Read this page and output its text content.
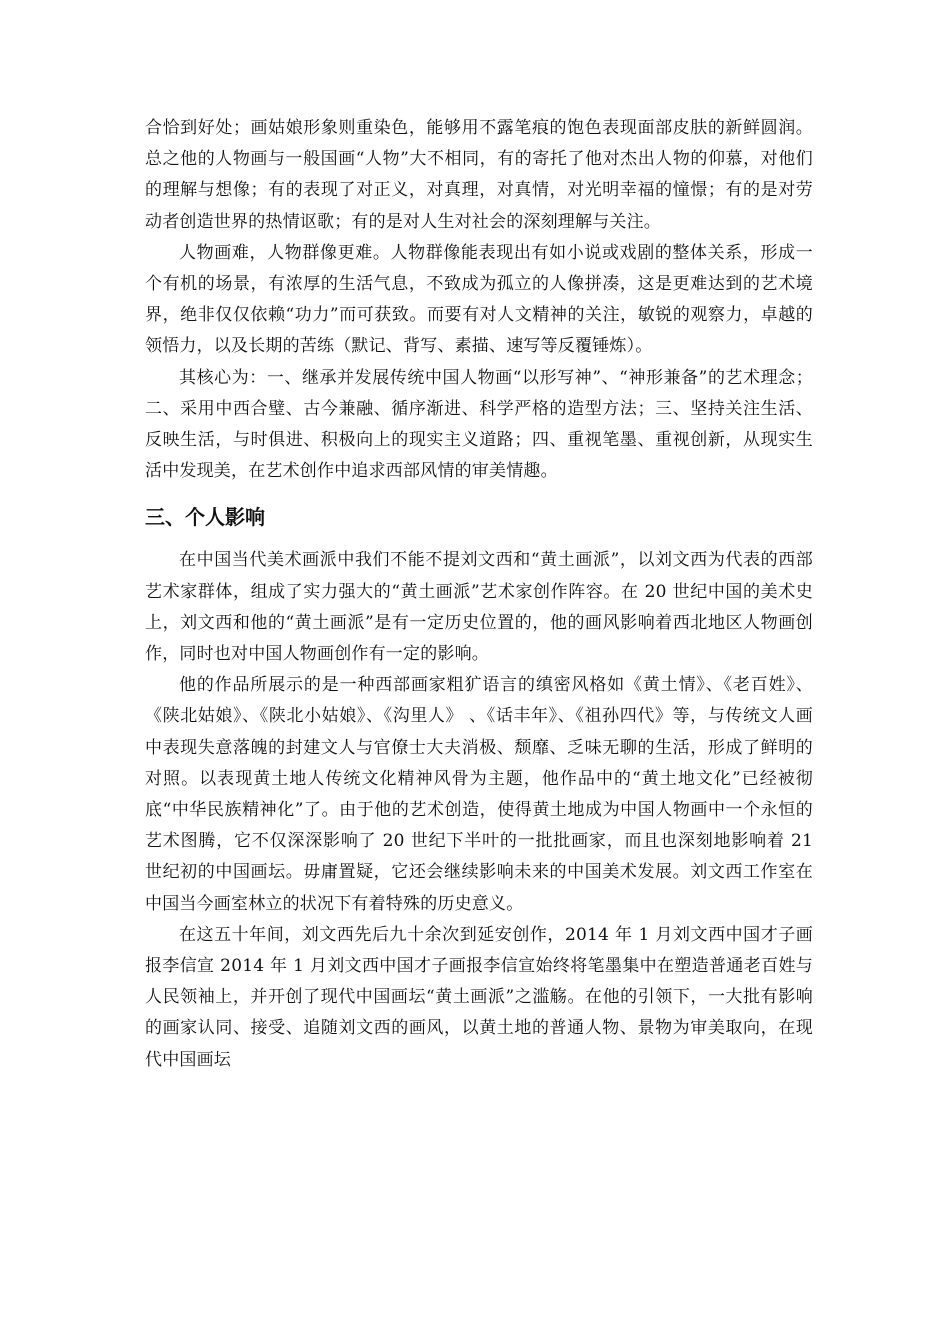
合恰到好处；画姑娘形象则重染色，能够用不露笔痕的饱色表现面部皮肤的新鲜圆润。总之他的人物画与一般国画“人物”大不相同，有的寄托了他对杰出人物的仰慕，对他们的理解与想像；有的表现了对正义，对真理，对真情，对光明幸福的憧憬；有的是对劳动者创造世界的热情讴歌；有的是对人生对社会的深刻理解与关注。

人物画难，人物群像更难。人物群像能表现出有如小说或戏剧的整体关系，形成一个有机的场景，有浓厚的生活气息，不致成为孤立的人像拼凑，这是更难达到的艺术境界，绝非仅仅依赖“功力”而可获致。而要有对人文精神的关注，敏锐的观察力，卓越的领悟力，以及长期的苦练（默记、背写、素描、速写等反覆锤炼）。

其核心为：一、继承并发展传统中国人物画“以形写神”、“神形兼备”的艺术理念；二、采用中西合璧、古今兼融、循序渐进、科学严格的造型方法；三、坚持关注生活、反映生活，与时俱进、积极向上的现实主义道路；四、重视笔墨、重视创新，从现实生活中发现美，在艺术创作中追求西部风情的审美情趣。

三、个人影响

在中国当代美术画派中我们不能不提刘文西和“黄土画派”，以刘文西为代表的西部艺术家群体，组成了实力强大的“黄土画派”艺术家创作阵容。在 20 世纪中国的美术史上，刘文西和他的“黄土画派”是有一定历史位置的，他的画风影响着西北地区人物画创作，同时也对中国人物画创作有一定的影响。

他的作品所展示的是一种西部画家粗犷语言的缜密风格如《黄土情》、《老百姓》、《陕北姑娘》、《陕北小姑娘》、《沟里人》 、《话丰年》、《祖孙四代》等，与传统文人画中表现失意落魄的封建文人与官僚士大夫消极、颓靡、乏味无聊的生活，形成了鲜明的对照。以表现黄土地人传统文化精神风骨为主题，他作品中的“黄土地文化”已经被彻底“中华民族精神化”了。由于他的艺术创造，使得黄土地成为中国人物画中一个永恒的艺术图腾，它不仅深深影响了 20 世纪下半叶的一批批画家，而且也深刻地影响着 21 世纪初的中国画坛。毋庸置疑，它还会继续影响未来的中国美术发展。刘文西工作室在中国当今画室林立的状况下有着特殊的历史意义。

在这五十年间，刘文西先后九十余次到延安创作，2014 年 1 月刘文西中国才子画报李信宣 2014 年 1 月刘文西中国才子画报李信宣始终将笔墨集中在塑造普通老百姓与人民领袖上，并开创了现代中国画坛“黄土画派”之滥觞。在他的引领下，一大批有影响的画家认同、接受、追随刘文西的画风，以黄土地的普通人物、景物为审美取向，在现代中国画坛
